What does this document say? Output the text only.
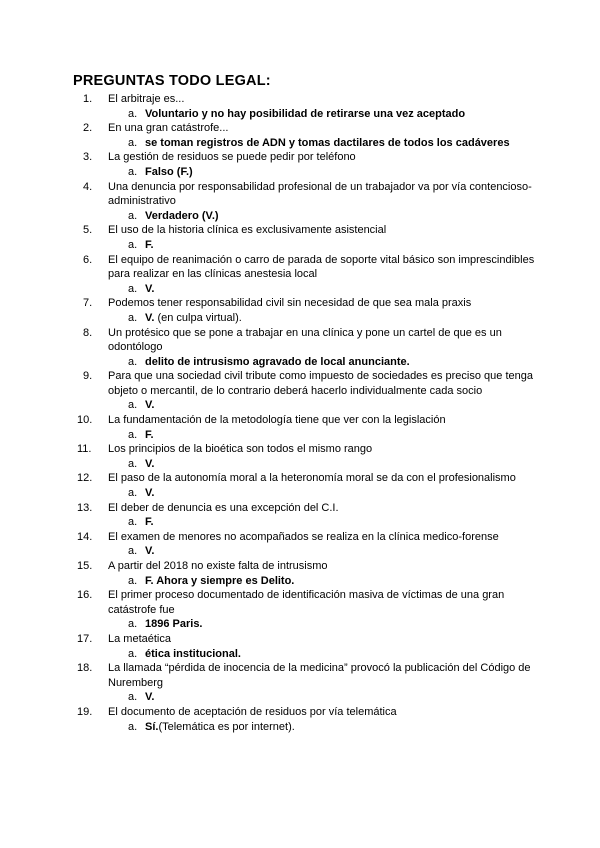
PREGUNTAS TODO LEGAL:
1.	El arbitraje es...
a. Voluntario y no hay posibilidad de retirarse una vez aceptado
2.	En una gran catástrofe...
a. se toman registros de ADN y tomas dactilares de todos los cadáveres
3.	La gestión de residuos se puede pedir por teléfono
a. Falso (F.)
4.	Una denuncia por responsabilidad profesional de un trabajador va por vía contencioso-administrativo
a. Verdadero (V.)
5.	El uso de la historia clínica es exclusivamente asistencial
a. F.
6.	El equipo de reanimación o carro de parada de soporte vital básico son imprescindibles para realizar en las clínicas anestesia local
a. V.
7.	Podemos tener responsabilidad civil sin necesidad de que sea mala praxis
a. V. (en culpa virtual).
8.	Un protésico que se pone a trabajar en una clínica y pone un cartel de que es un odontólogo
a. delito de intrusismo agravado de local anunciante.
9.	Para que una sociedad civil tribute como impuesto de sociedades es preciso que tenga objeto o mercantil, de lo contrario deberá hacerlo individualmente cada socio
a. V.
10.	La fundamentación de la metodología tiene que ver con la legislación
a. F.
11.	Los principios de la bioética son todos el mismo rango
a. V.
12.	El paso de la autonomía moral a la heteronomía moral se da con el profesionalismo
a. V.
13.	El deber de denuncia es una excepción del C.I.
a. F.
14.	El examen de menores no acompañados se realiza en la clínica medico-forense
a. V.
15.	A partir del 2018 no existe falta de intrusismo
a. F. Ahora y siempre es Delito.
16.	El primer proceso documentado de identificación masiva de víctimas de una gran catástrofe fue
a. 1896 Paris.
17.	La metaética
a. ética institucional.
18.	La llamada “pérdida de inocencia de la medicina” provocó la publicación del Código de Nuremberg
a. V.
19.	El documento de aceptación de residuos por vía telemática
a. Sí.(Telemática es por internet).
